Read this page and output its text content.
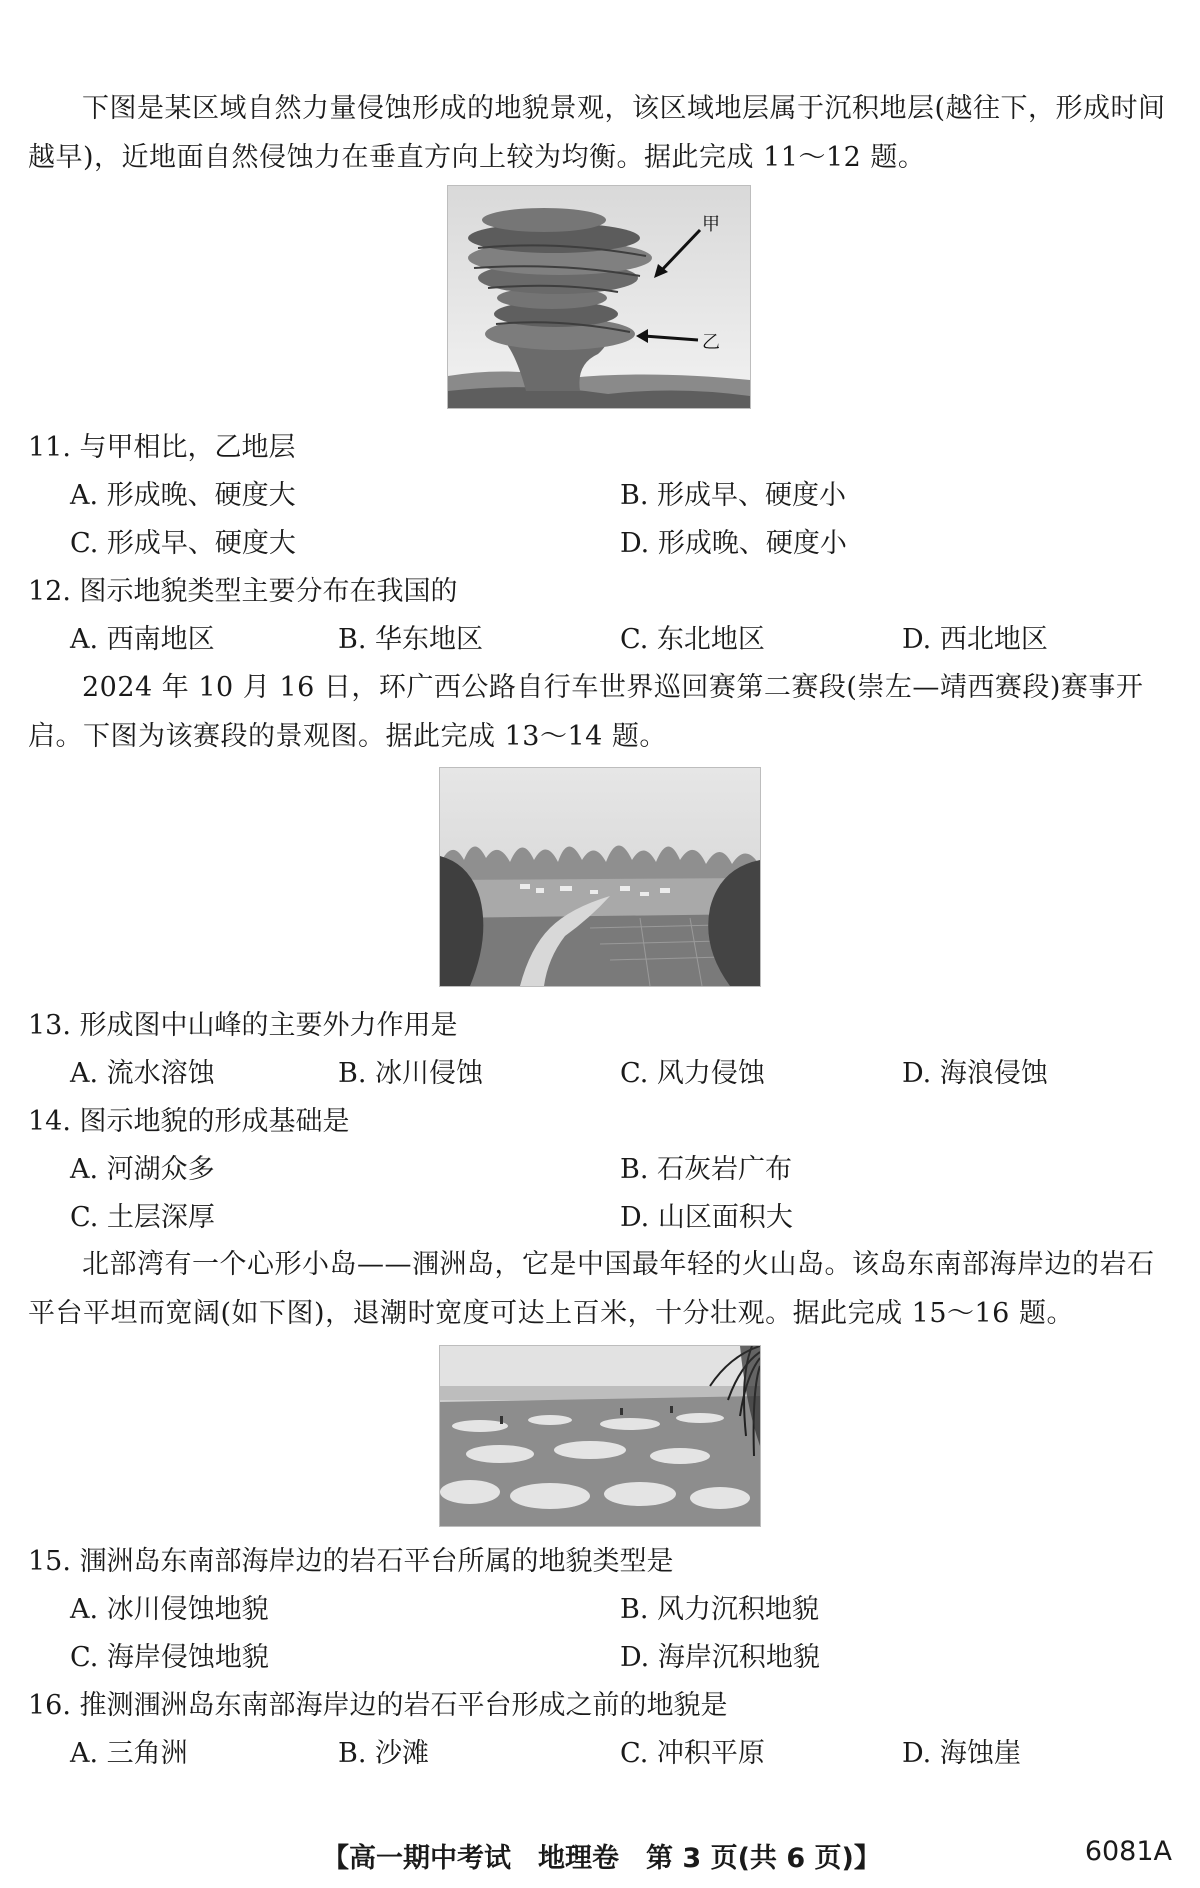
下图是某区域自然力量侵蚀形成的地貌景观，该区域地层属于沉积地层(越往下，形成时间越早)，近地面自然侵蚀力在垂直方向上较为均衡。据此完成 11～12 题。

甲
乙
11. 与甲相比，乙地层
A. 形成晚、硬度大	B. 形成早、硬度小
C. 形成早、硬度大	D. 形成晚、硬度小
12. 图示地貌类型主要分布在我国的
A. 西南地区	B. 华东地区	C. 东北地区	D. 西北地区

2024 年 10 月 16 日，环广西公路自行车世界巡回赛第二赛段(崇左—靖西赛段)赛事开启。下图为该赛段的景观图。据此完成 13～14 题。

13. 形成图中山峰的主要外力作用是
A. 流水溶蚀	B. 冰川侵蚀	C. 风力侵蚀	D. 海浪侵蚀
14. 图示地貌的形成基础是
A. 河湖众多	B. 石灰岩广布
C. 土层深厚	D. 山区面积大

北部湾有一个心形小岛——涠洲岛，它是中国最年轻的火山岛。该岛东南部海岸边的岩石平台平坦而宽阔(如下图)，退潮时宽度可达上百米，十分壮观。据此完成 15～16 题。

15. 涠洲岛东南部海岸边的岩石平台所属的地貌类型是
A. 冰川侵蚀地貌	B. 风力沉积地貌
C. 海岸侵蚀地貌	D. 海岸沉积地貌
16. 推测涠洲岛东南部海岸边的岩石平台形成之前的地貌是
A. 三角洲	B. 沙滩	C. 冲积平原	D. 海蚀崖
【高一期中考试　地理卷　第 3 页(共 6 页)】	6081A
